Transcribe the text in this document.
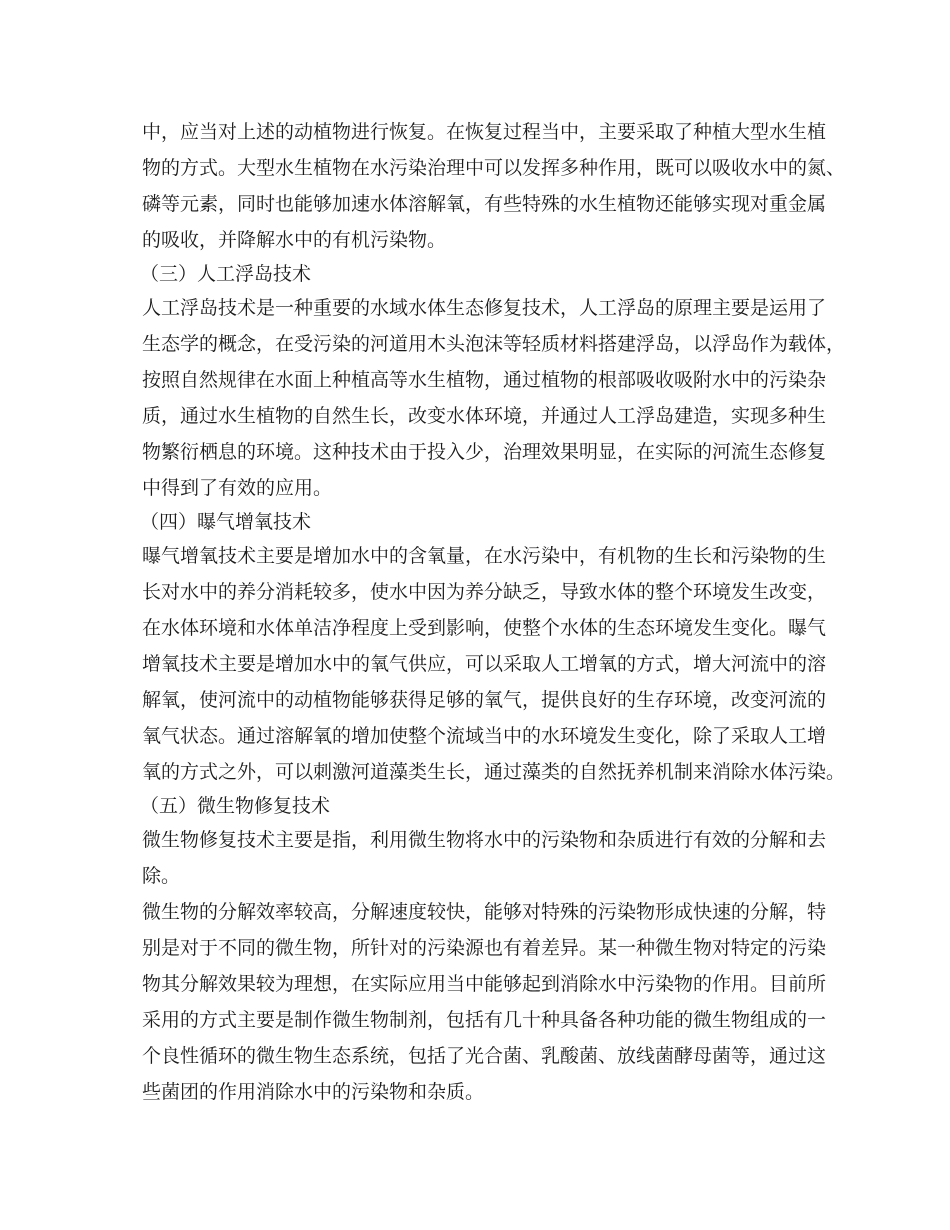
中，应当对上述的动植物进行恢复。在恢复过程当中，主要采取了种植大型水生植

物的方式。大型水生植物在水污染治理中可以发挥多种作用，既可以吸收水中的氮、

磷等元素，同时也能够加速水体溶解氧，有些特殊的水生植物还能够实现对重金属

的吸收，并降解水中的有机污染物。

（三）人工浮岛技术

人工浮岛技术是一种重要的水域水体生态修复技术，人工浮岛的原理主要是运用了

生态学的概念，在受污染的河道用木头泡沫等轻质材料搭建浮岛，以浮岛作为载体，

按照自然规律在水面上种植高等水生植物，通过植物的根部吸收吸附水中的污染杂

质，通过水生植物的自然生长，改变水体环境，并通过人工浮岛建造，实现多种生

物繁衍栖息的环境。这种技术由于投入少，治理效果明显，在实际的河流生态修复

中得到了有效的应用。

（四）曝气增氧技术

曝气增氧技术主要是增加水中的含氧量，在水污染中，有机物的生长和污染物的生

长对水中的养分消耗较多，使水中因为养分缺乏，导致水体的整个环境发生改变，

在水体环境和水体单洁净程度上受到影响，使整个水体的生态环境发生变化。曝气

增氧技术主要是增加水中的氧气供应，可以采取人工增氧的方式，增大河流中的溶

解氧，使河流中的动植物能够获得足够的氧气，提供良好的生存环境，改变河流的

氧气状态。通过溶解氧的增加使整个流域当中的水环境发生变化，除了采取人工增

氧的方式之外，可以刺激河道藻类生长，通过藻类的自然抚养机制来消除水体污染。

（五）微生物修复技术

微生物修复技术主要是指，利用微生物将水中的污染物和杂质进行有效的分解和去

除。

微生物的分解效率较高，分解速度较快，能够对特殊的污染物形成快速的分解，特

别是对于不同的微生物，所针对的污染源也有着差异。某一种微生物对特定的污染

物其分解效果较为理想，在实际应用当中能够起到消除水中污染物的作用。目前所

采用的方式主要是制作微生物制剂，包括有几十种具备各种功能的微生物组成的一

个良性循环的微生物生态系统，包括了光合菌、乳酸菌、放线菌酵母菌等，通过这

些菌团的作用消除水中的污染物和杂质。
